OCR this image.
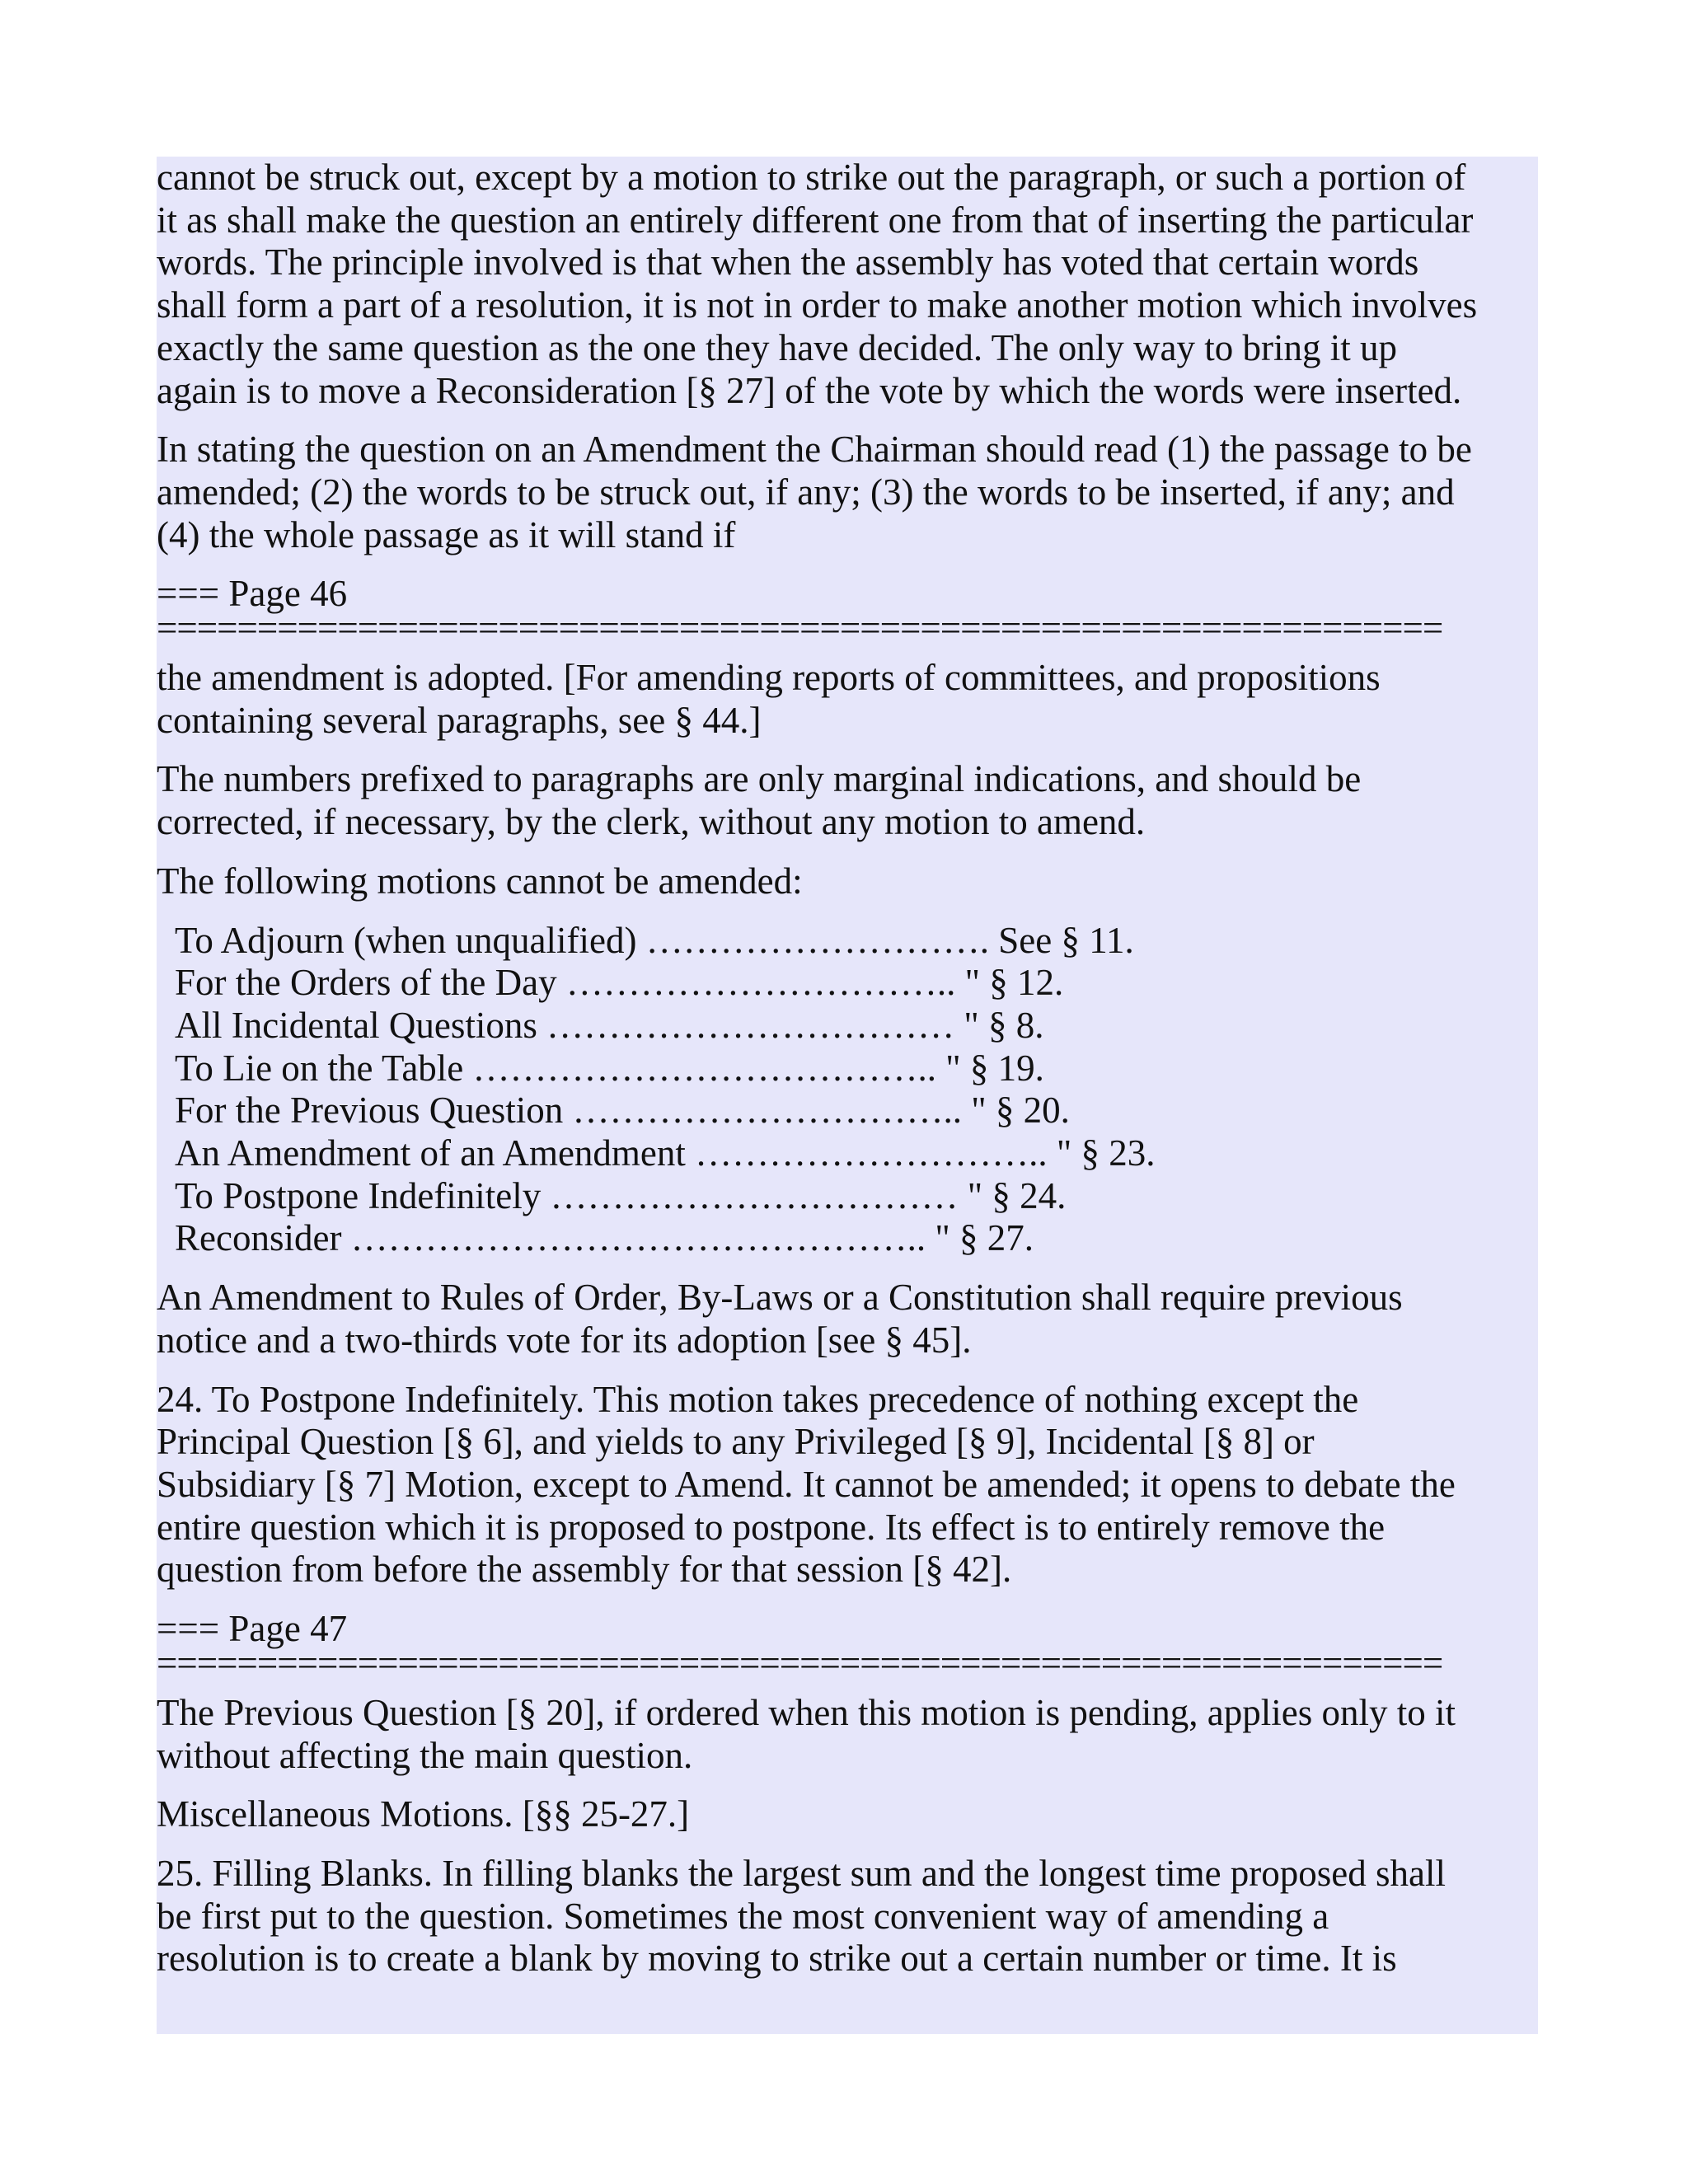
cannot be struck out, except by a motion to strike out the paragraph, or such a portion of
it as shall make the question an entirely different one from that of inserting the particular
words. The principle involved is that when the assembly has voted that certain words
shall form a part of a resolution, it is not in order to make another motion which involves
exactly the same question as the one they have decided. The only way to bring it up
again is to move a Reconsideration [§ 27] of the vote by which the words were inserted.

In stating the question on an Amendment the Chairman should read (1) the passage to be
amended; (2) the words to be struck out, if any; (3) the words to be inserted, if any; and
(4) the whole passage as it will stand if

=== Page 46

================================================================

the amendment is adopted. [For amending reports of committees, and propositions
containing several paragraphs, see § 44.]

The numbers prefixed to paragraphs are only marginal indications, and should be
corrected, if necessary, by the clerk, without any motion to amend.

The following motions cannot be amended:

To Adjourn (when unqualified) ………………………. See § 11.
For the Orders of the Day ………………………….. " § 12.
All Incidental Questions …………………………… " § 8.
To Lie on the Table ……………………………….. " § 19.
For the Previous Question ………………………….. " § 20.
An Amendment of an Amendment ……………………….. " § 23.
To Postpone Indefinitely …………………………… " § 24.
Reconsider ……………………………………….. " § 27.

An Amendment to Rules of Order, By-Laws or a Constitution shall require previous
notice and a two-thirds vote for its adoption [see § 45].

24. To Postpone Indefinitely. This motion takes precedence of nothing except the
Principal Question [§ 6], and yields to any Privileged [§ 9], Incidental [§ 8] or
Subsidiary [§ 7] Motion, except to Amend. It cannot be amended; it opens to debate the
entire question which it is proposed to postpone. Its effect is to entirely remove the
question from before the assembly for that session [§ 42].

=== Page 47

================================================================

The Previous Question [§ 20], if ordered when this motion is pending, applies only to it
without affecting the main question.

Miscellaneous Motions. [§§ 25-27.]

25. Filling Blanks. In filling blanks the largest sum and the longest time proposed shall
be first put to the question. Sometimes the most convenient way of amending a
resolution is to create a blank by moving to strike out a certain number or time. It is
